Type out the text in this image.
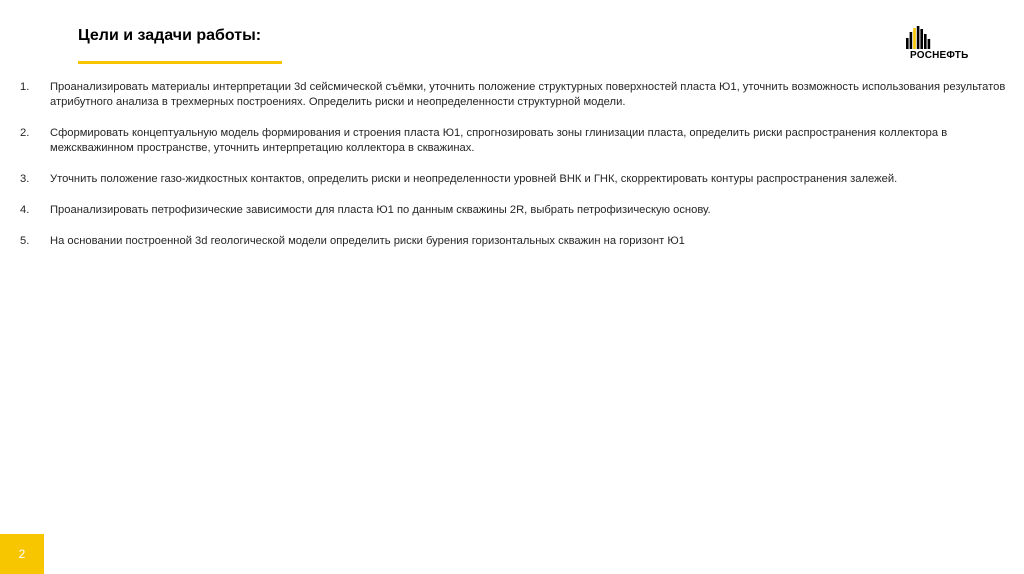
Цели и задачи работы:
РОСНЕФТЬ
1. Проанализировать материалы интерпретации 3d сейсмической съёмки, уточнить положение структурных поверхностей пласта Ю1, уточнить возможность использования результатов атрибутного анализа в трехмерных построениях. Определить риски и неопределенности структурной модели.
2. Сформировать концептуальную модель формирования и строения пласта Ю1, спрогнозировать зоны глинизации пласта, определить риски распространения коллектора в межскважинном пространстве, уточнить интерпретацию коллектора в скважинах.
3. Уточнить положение газо-жидкостных контактов, определить риски и неопределенности уровней ВНК и ГНК, скорректировать контуры распространения залежей.
4. Проанализировать петрофизические зависимости для пласта Ю1 по данным скважины 2R, выбрать петрофизическую основу.
5. На основании построенной 3d геологической модели определить риски бурения горизонтальных скважин на горизонт Ю1
2
